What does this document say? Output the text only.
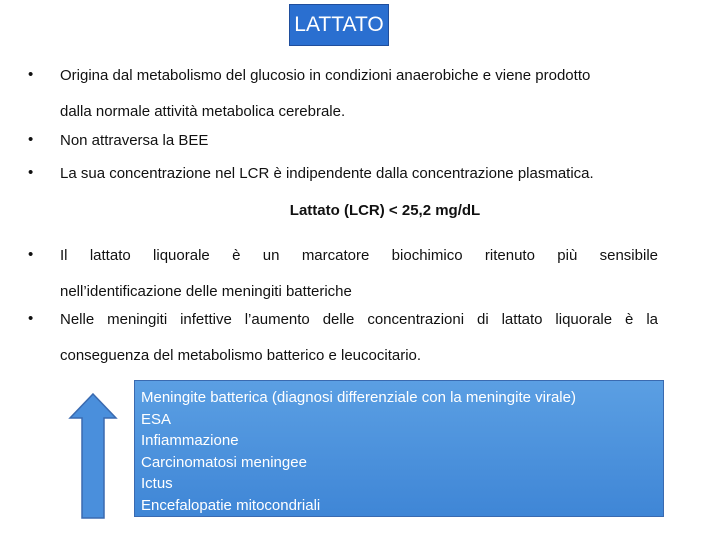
LATTATO
• Origina dal metabolismo del glucosio in condizioni anaerobiche e viene prodotto
dalla normale attività metabolica cerebrale.
• Non attraversa la BEE
• La sua concentrazione nel LCR è indipendente dalla concentrazione plasmatica.
Lattato (LCR) < 25,2 mg/dL
• Il lattato liquorale è un marcatore biochimico ritenuto più sensibile
nell’identificazione delle meningiti batteriche
• Nelle meningiti infettive l’aumento delle concentrazioni di lattato liquorale è la
conseguenza del metabolismo batterico e leucocitario.
Meningite batterica (diagnosi differenziale con la meningite virale)
ESA
Infiammazione
Carcinomatosi meningee
Ictus
Encefalopatie mitocondriali
